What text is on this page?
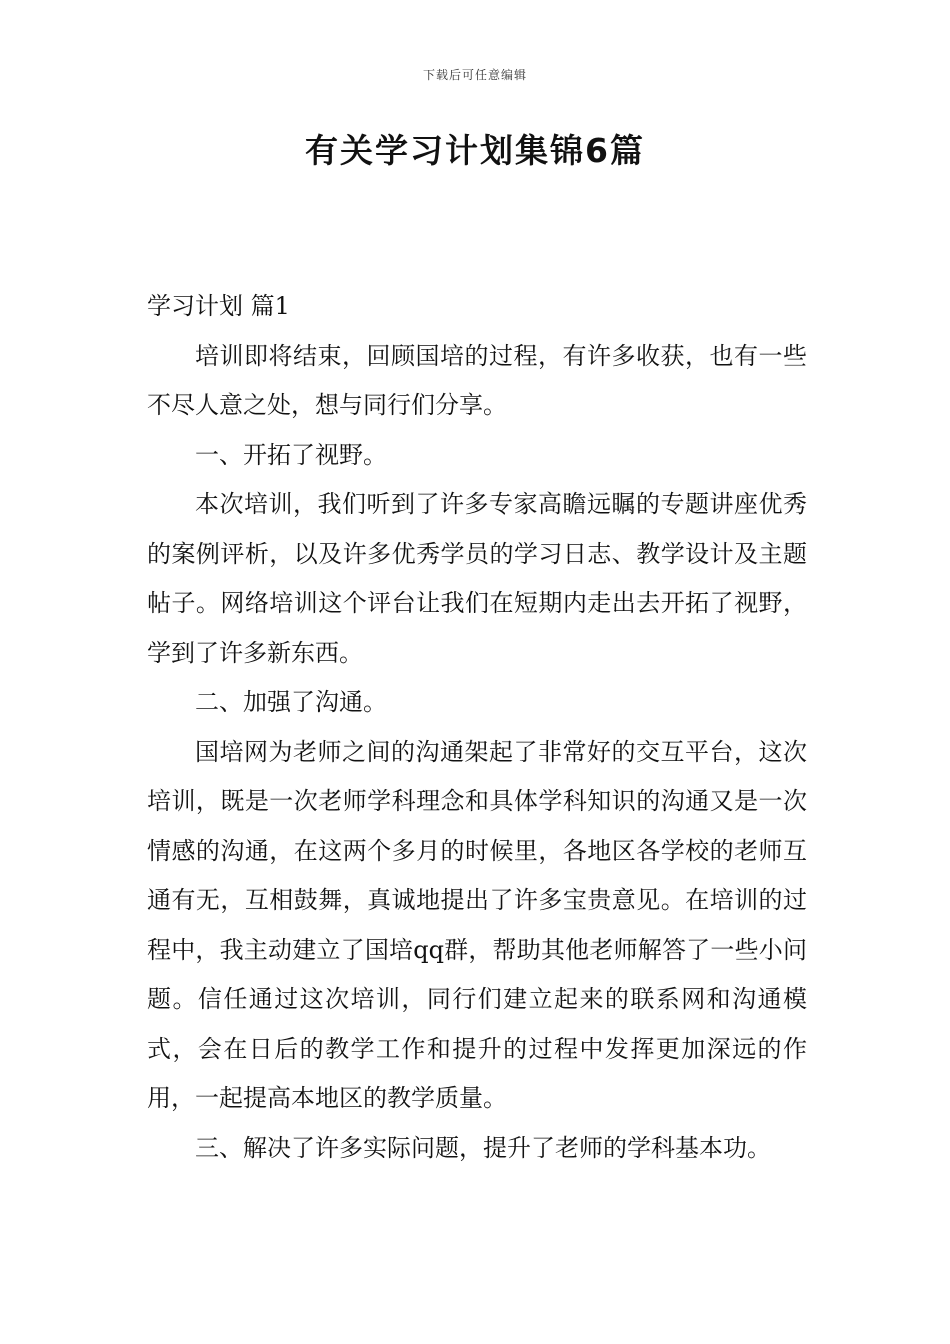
下载后可任意编辑
有关学习计划集锦6篇

学习计划 篇1

培训即将结束，回顾国培的过程，有许多收获，也有一些不尽人意之处，想与同行们分享。

一、开拓了视野。

本次培训，我们听到了许多专家高瞻远瞩的专题讲座优秀的案例评析，以及许多优秀学员的学习日志、教学设计及主题帖子。网络培训这个评台让我们在短期内走出去开拓了视野，学到了许多新东西。

二、加强了沟通。

国培网为老师之间的沟通架起了非常好的交互平台，这次培训，既是一次老师学科理念和具体学科知识的沟通又是一次情感的沟通，在这两个多月的时候里，各地区各学校的老师互通有无，互相鼓舞，真诚地提出了许多宝贵意见。在培训的过程中，我主动建立了国培qq群，帮助其他老师解答了一些小问题。信任通过这次培训，同行们建立起来的联系网和沟通模式，会在日后的教学工作和提升的过程中发挥更加深远的作用，一起提高本地区的教学质量。

三、解决了许多实际问题，提升了老师的学科基本功。
